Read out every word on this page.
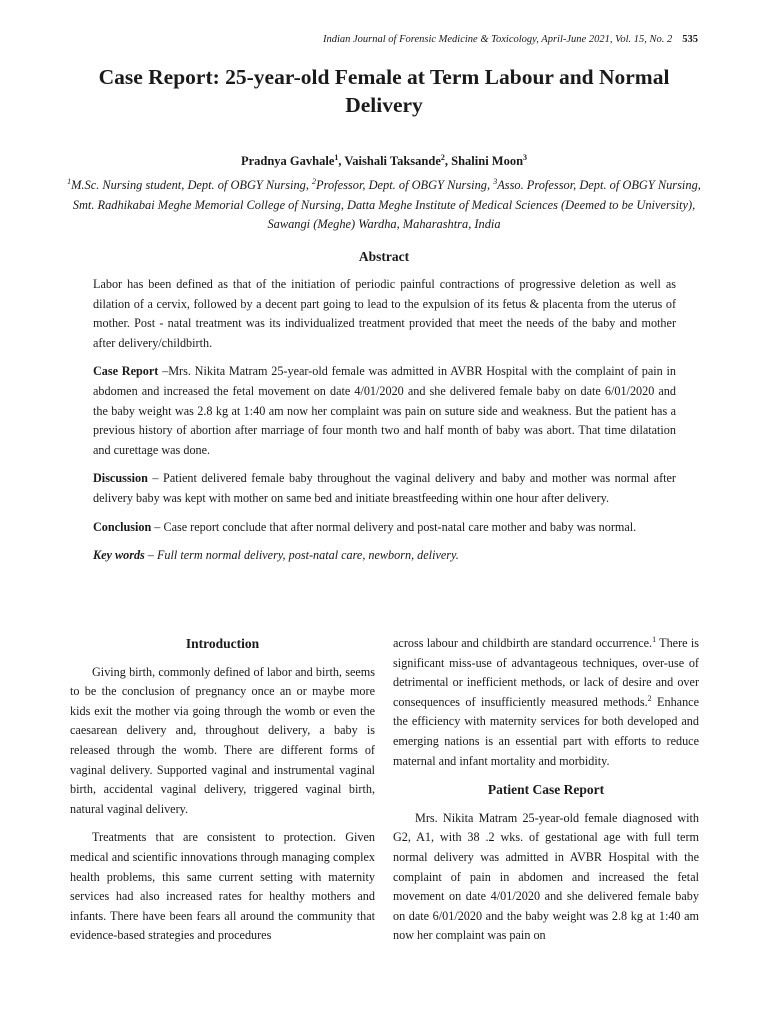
Indian Journal of Forensic Medicine & Toxicology, April-June 2021, Vol. 15, No. 2 535
Case Report: 25-year-old Female at Term Labour and Normal Delivery

Pradnya Gavhale$^1$, Vaishali Taksande$^2$, Shalini Moon$^3$

$^1$M.Sc. Nursing student, Dept. of OBGY Nursing, $^2$Professor, Dept. of OBGY Nursing, $^3$Asso. Professor, Dept. of OBGY Nursing, Smt. Radhikabai Meghe Memorial College of Nursing, Datta Meghe Institute of Medical Sciences (Deemed to be University), Sawangi (Meghe) Wardha, Maharashtra, India

Abstract

Labor has been defined as that of the initiation of periodic painful contractions of progressive deletion as well as dilation of a cervix, followed by a decent part going to lead to the expulsion of its fetus & placenta from the uterus of mother. Post - natal treatment was its individualized treatment provided that meet the needs of the baby and mother after delivery/childbirth.

Case Report –Mrs. Nikita Matram 25-year-old female was admitted in AVBR Hospital with the complaint of pain in abdomen and increased the fetal movement on date 4/01/2020 and she delivered female baby on date 6/01/2020 and the baby weight was 2.8 kg at 1:40 am now her complaint was pain on suture side and weakness. But the patient has a previous history of abortion after marriage of four month two and half month of baby was abort. That time dilatation and curettage was done.

Discussion – Patient delivered female baby throughout the vaginal delivery and baby and mother was normal after delivery baby was kept with mother on same bed and initiate breastfeeding within one hour after delivery.

Conclusion – Case report conclude that after normal delivery and post-natal care mother and baby was normal.

Key words – Full term normal delivery, post-natal care, newborn, delivery.

Introduction

Giving birth, commonly defined of labor and birth, seems to be the conclusion of pregnancy once an or maybe more kids exit the mother via going through the womb or even the caesarean delivery and, throughout delivery, a baby is released through the womb. There are different forms of vaginal delivery. Supported vaginal and instrumental vaginal birth, accidental vaginal delivery, triggered vaginal birth, natural vaginal delivery.

Treatments that are consistent to protection. Given medical and scientific innovations through managing complex health problems, this same current setting with maternity services had also increased rates for healthy mothers and infants. There have been fears all around the community that evidence-based strategies and procedures

across labour and childbirth are standard occurrence.$^1$ There is significant miss-use of advantageous techniques, over-use of detrimental or inefficient methods, or lack of desire and over consequences of insufficiently measured methods.$^2$ Enhance the efficiency with maternity services for both developed and emerging nations is an essential part with efforts to reduce maternal and infant mortality and morbidity.

Patient Case Report

Mrs. Nikita Matram 25-year-old female diagnosed with G2, A1, with 38 .2 wks. of gestational age with full term normal delivery was admitted in AVBR Hospital with the complaint of pain in abdomen and increased the fetal movement on date 4/01/2020 and she delivered female baby on date 6/01/2020 and the baby weight was 2.8 kg at 1:40 am now her complaint was pain on
